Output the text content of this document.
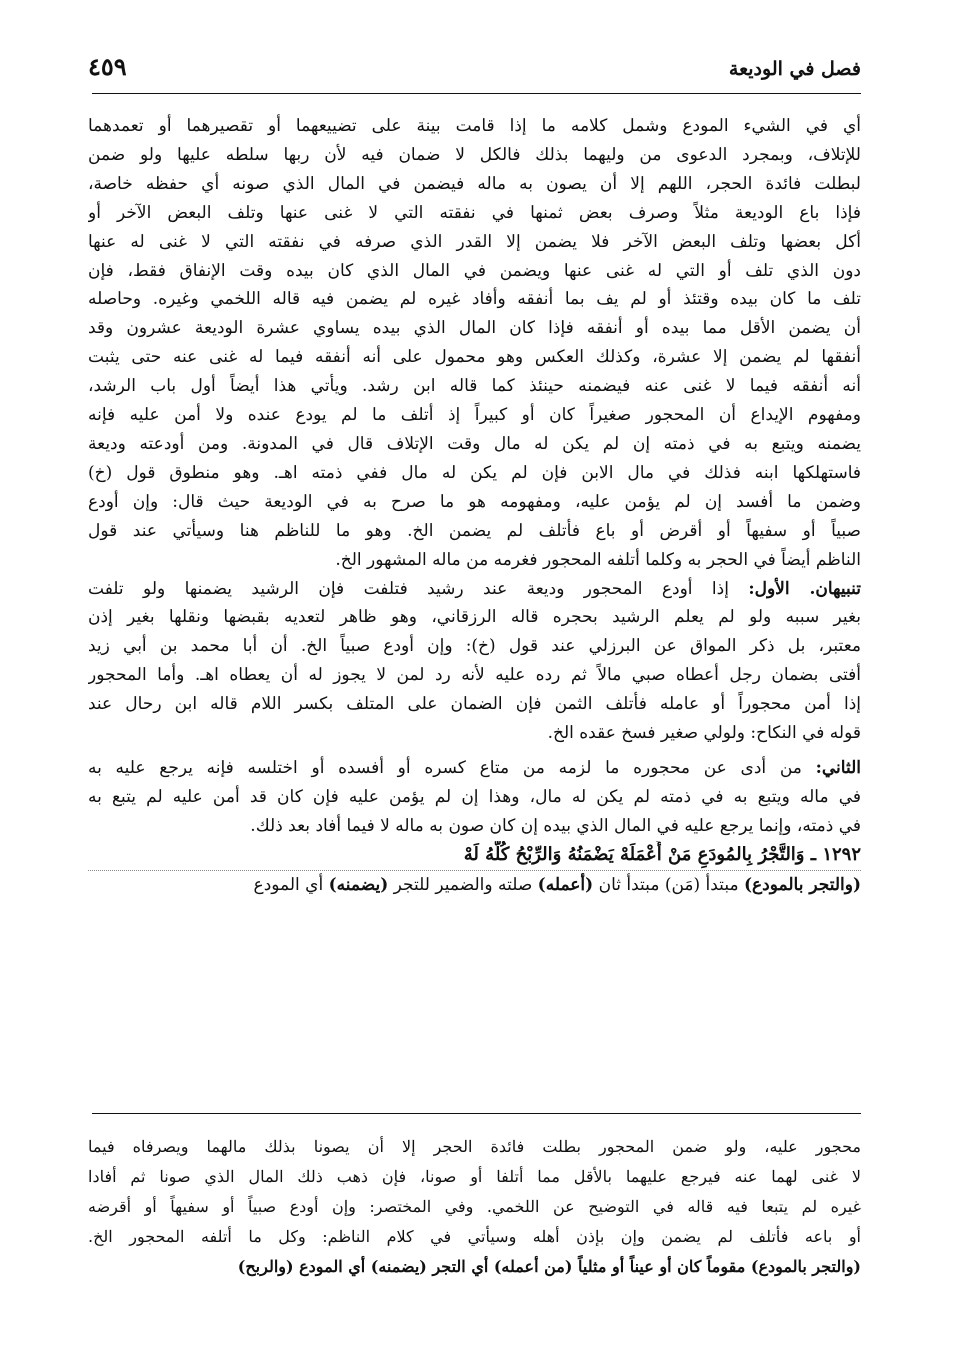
فصل في الوديعة
٤٥٩
أي في الشيء المودع وشمل كلامه ما إذا قامت بينة على تضييعهما أو تقصيرهما أو تعمدهما
للإتلاف، وبمجرد الدعوى من وليهما بذلك فالكل لا ضمان فيه لأن ربها سلطه عليها ولو ضمن
لبطلت فائدة الحجر، اللهم إلا أن يصون به ماله فيضمن في المال الذي صونه أي حفظه خاصة،
فإذا باع الوديعة مثلاً وصرف بعض ثمنها في نفقته التي لا غنى عنها وتلف البعض الآخر أو
أكل بعضها وتلف البعض الآخر فلا يضمن إلا القدر الذي صرفه في نفقته التي لا غنى له عنها
دون الذي تلف أو التي له غنى عنها ويضمن في المال الذي كان بيده وقت الإنفاق فقط، فإن
تلف ما كان بيده وقتئذ أو لم يف بما أنفقه وأفاد غيره لم يضمن فيه قاله اللخمي وغيره. وحاصله
أن يضمن الأقل مما بيده أو أنفقه فإذا كان المال الذي بيده يساوي عشرة الوديعة عشرون وقد
أنفقها لم يضمن إلا عشرة، وكذلك العكس وهو محمول على أنه أنفقه فيما له غنى عنه حتى يثبت
أنه أنفقه فيما لا غنى عنه فيضمنه حينئذ كما قاله ابن رشد. ويأتي هذا أيضاً أول باب الرشد،
ومفهوم الإيداع أن المحجور صغيراً كان أو كبيراً إذ أتلف ما لم يودع عنده ولا أمن عليه فإنه
يضمنه ويتبع به في ذمته إن لم يكن له مال وقت الإتلاف قال في المدونة. ومن أودعته وديعة
فاستهلكها ابنه فذلك في مال الابن فإن لم يكن له مال ففي ذمته اهـ. وهو منطوق قول (خ)
وضمن ما أفسد إن لم يؤمن عليه، ومفهومه هو ما صرح به في الوديعة حيث قال: وإن أودع
صبياً أو سفيهاً أو أقرض أو باع فأتلف لم يضمن الخ. وهو ما للناظم هنا وسيأتي عند قول
الناظم أيضاً في الحجر به وكلما أتلفه المحجور فغرمه من ماله المشهور الخ.
تنبيهان. الأول: إذا أودع المحجور وديعة عند رشيد فتلفت فإن الرشيد يضمنها ولو تلفت
بغير سببه ولو لم يعلم الرشيد بحجره قاله الرزقاني، وهو ظاهر لتعديه بقبضها ونقلها بغير إذن
معتبر، بل ذكر المواق عن البرزلي عند قول (خ): وإن أودع صبياً الخ. أن أبا محمد بن أبي زيد
أفتى بضمان رجل أعطاه صبي مالاً ثم رده عليه لأنه رد لمن لا يجوز له أن يعطاه اهـ. وأما المحجور
إذا أمن محجوراً أو عامله فأتلف الثمن فإن الضمان على المتلف بكسر اللام قاله ابن رحال عند
قوله في النكاح: ولولي صغير فسخ عقده الخ.
الثاني: من أدى عن محجوره ما لزمه من متاع كسره أو أفسده أو اختلسه فإنه يرجع عليه به
في ماله ويتبع به في ذمته لم يكن له مال، وهذا إن لم يؤمن عليه فإن كان قد أمن عليه لم يتبع به
في ذمته، وإنما يرجع عليه في المال الذي بيده إن كان صون به ماله لا فيما أفاد بعد ذلك.
١٢٩٢ ـ وَالتَّجْرُ بِالمُودَعِ مَنْ أَعْمَلَهْ يَضْمَنُهُ وَالرِّبْحُ كُلُّهُ لَهْ
(والتجر بالمودع) مبتدأ (مَن) مبتدأ ثان (أعمله) صلته والضمير للتجر (يضمنه) أي المودع
محجور عليه، ولو ضمن المحجور بطلت فائدة الحجر إلا أن يصونا بذلك مالهما ويصرفاه فيما
لا غنى لهما عنه فيرجع عليهما بالأقل مما أتلفا أو صونا، فإن ذهب ذلك المال الذي صونا ثم أفادا
غيره لم يتبعا فيه قاله في التوضيح عن اللخمي. وفي المختصر: وإن أودع صبياً أو سفيهاً أو أقرضه
أو باعه فأتلف لم يضمن وإن بإذن أهله وسيأتي في كلام الناظم: وكل ما أتلفه المحجور الخ.
(والتجر بالمودع) مقوماً كان أو عيناً أو مثلياً (من أعمله) أي التجر (يضمنه) أي المودع (والربح)
